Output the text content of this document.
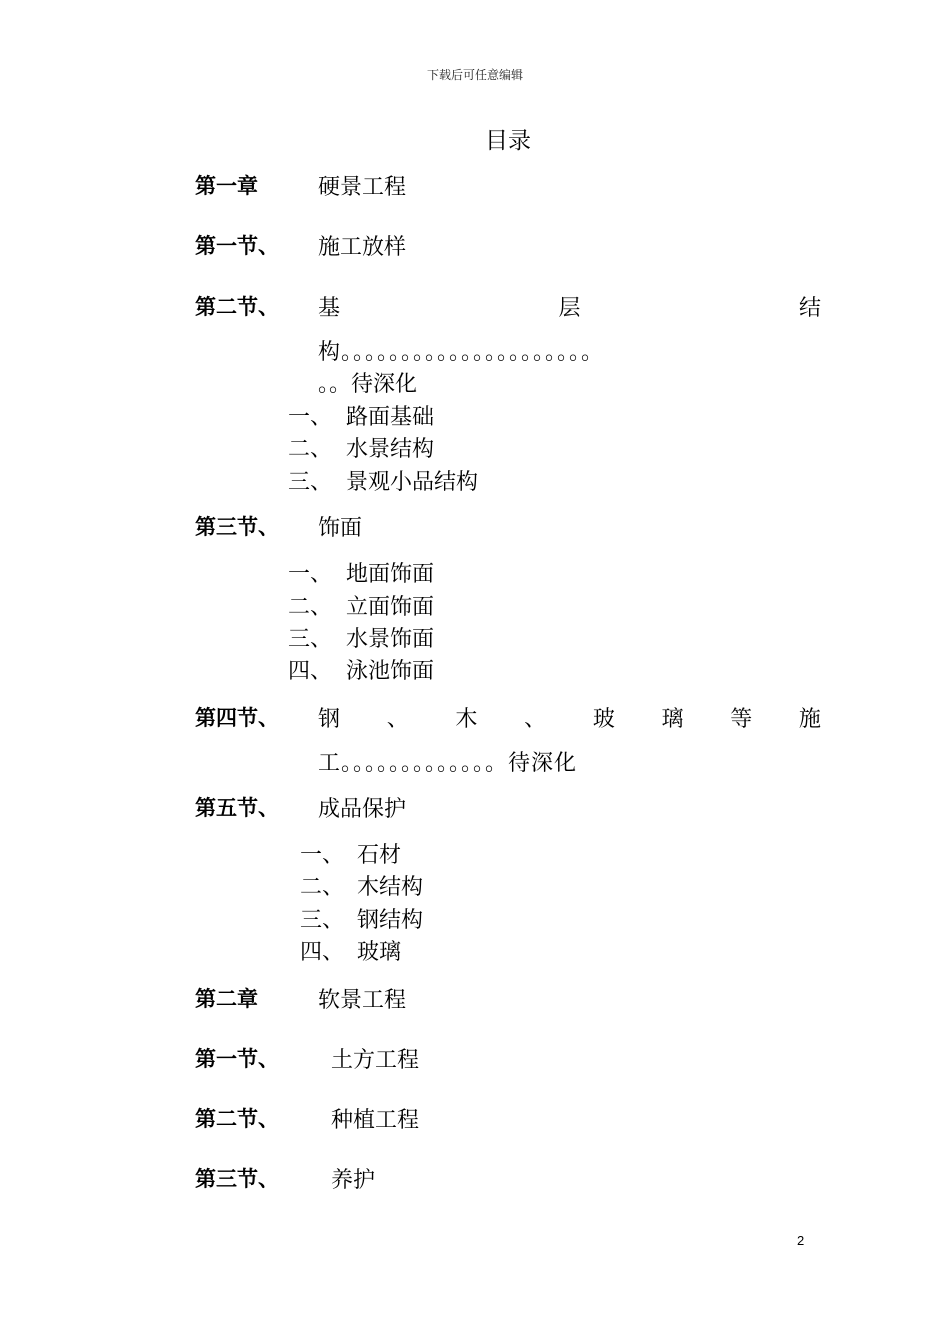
下载后可任意编辑
目录
第一章	硬景工程
第一节、 施工放样
第二节、 基	层	结
构。。。。。。。。。。。。。。。。。。。。。
。。待深化
一、 路面基础
二、 水景结构
三、 景观小品结构
第三节、 饰面
一、 地面饰面
二、 立面饰面
三、 水景饰面
四、 泳池饰面
第四节、 钢 、 木 、 玻 璃 等 施
工。。。。。。。。。。。。。待深化
第五节、 成品保护
一、 石材
二、 木结构
三、 钢结构
四、 玻璃
第二章	软景工程
第一节、 土方工程
第二节、 种植工程
第三节、 养护
2
